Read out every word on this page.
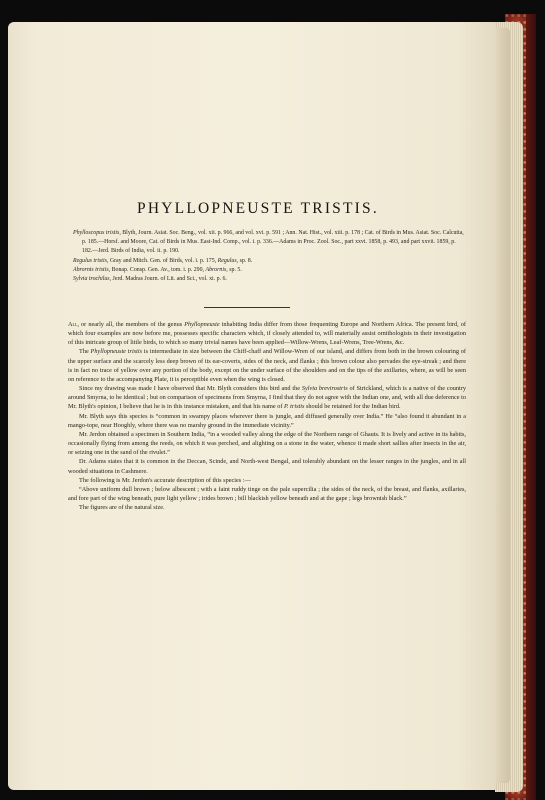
PHYLLOPNEUSTE TRISTIS.

Phylloscopus tristis, Blyth, Journ. Asiat. Soc. Beng., vol. xii. p. 966, and vol. xvi. p. 591 ; Ann. Nat. Hist., vol. xiii. p. 178 ; Cat. of Birds in Mus. Asiat. Soc. Calcutta, p. 185.—Horsf. and Moore, Cat. of Birds in Mus. East-Ind. Comp., vol. i. p. 336.—Adams in Proc. Zool. Soc., part xxvi. 1858, p. 493, and part xxvii. 1859, p. 182.—Jerd. Birds of India, vol. ii. p. 190.

Regulus tristis, Gray and Mitch. Gen. of Birds, vol. i. p. 175, Regulus, sp. 8.

Abrornis tristis, Bonap. Consp. Gen. Av., tom. i. p. 290, Abrornis, sp. 5.

Sylvia trochilus, Jerd. Madras Journ. of Lit. and Sci., vol. xi. p. 6.

All, or nearly all, the members of the genus Phyllopneuste inhabiting India differ from those frequenting Europe and Northern Africa. The present bird, of which four examples are now before me, possesses specific characters which, if closely attended to, will materially assist ornithologists in their investigation of this intricate group of little birds, to which so many trivial names have been applied—Willow-Wrens, Leaf-Wrens, Tree-Wrens, &c.

The Phyllopneuste tristis is intermediate in size between the Chiff-chaff and Willow-Wren of our island, and differs from both in the brown colouring of the upper surface and the scarcely less deep brown of its ear-coverts, sides of the neck, and flanks ; this brown colour also pervades the eye-streak ; and there is in fact no trace of yellow over any portion of the body, except on the under surface of the shoulders and on the tips of the axillaries, where, as will be seen on reference to the accompanying Plate, it is perceptible even when the wing is closed.

Since my drawing was made I have observed that Mr. Blyth considers this bird and the Sylvia brevirostris of Strickland, which is a native of the country around Smyrna, to be identical ; but on comparison of specimens from Smyrna, I find that they do not agree with the Indian one, and, with all due deference to Mr. Blyth's opinion, I believe that he is in this instance mistaken, and that his name of P. tristis should be retained for the Indian bird.

Mr. Blyth says this species is “common in swampy places wherever there is jungle, and diffused generally over India.” He “also found it abundant in a mango-tope, near Hooghly, where there was no marshy ground in the immediate vicinity.”

Mr. Jerdon obtained a specimen in Southern India, “in a wooded valley along the edge of the Northern range of Ghauts. It is lively and active in its habits, occasionally flying from among the reeds, on which it was perched, and alighting on a stone in the water, whence it made short sallies after insects in the air, or seizing one in the sand of the rivulet.”

Dr. Adams states that it is common in the Deccan, Scinde, and North-west Bengal, and tolerably abundant on the lesser ranges in the jungles, and in all wooded situations in Cashmere.

The following is Mr. Jerdon's accurate description of this species :—

“Above uniform dull brown ; below albescent ; with a faint ruddy tinge on the pale supercilia ; the sides of the neck, of the breast, and flanks, axillaries, and fore part of the wing beneath, pure light yellow ; irides brown ; bill blackish yellow beneath and at the gape ; legs brownish black.”

The figures are of the natural size.
